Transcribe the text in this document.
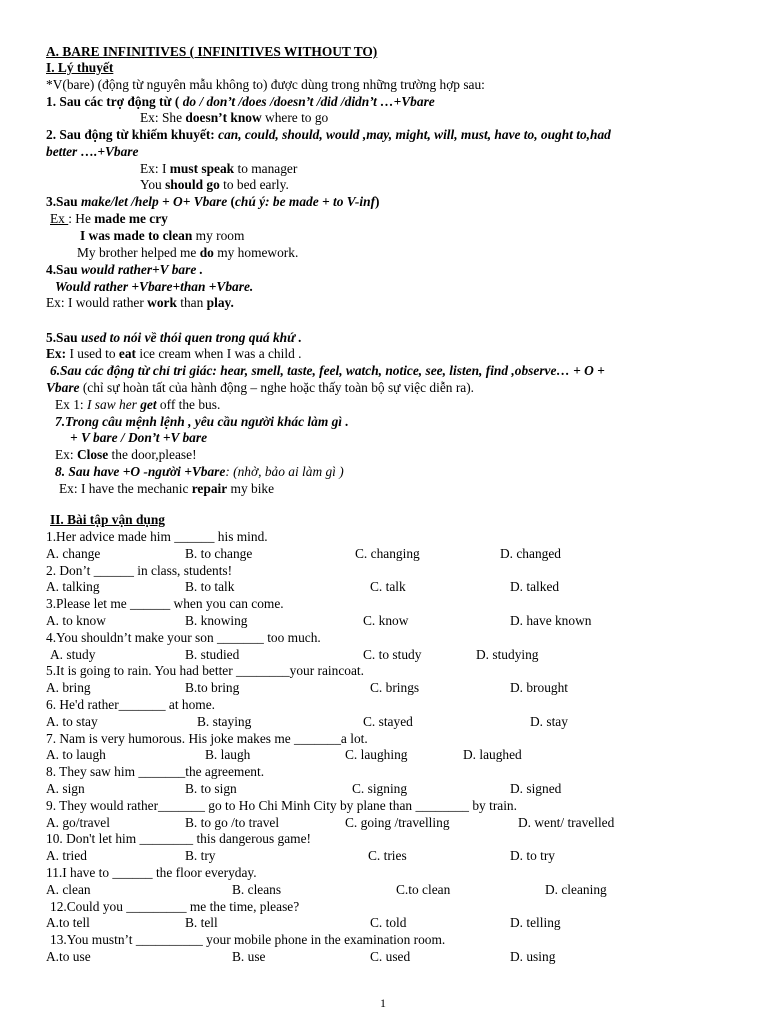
A. BARE INFINITIVES ( INFINITIVES WITHOUT TO)
I. Lý thuyết
*V(bare) (động từ nguyên mẫu không to) được dùng trong những trường hợp sau:
1. Sau các trợ động từ ( do / don’t /does /doesn’t /did /didn’t …+Vbare
Ex: She doesn’t know where to go
2. Sau động từ khiếm khuyết: can, could, should, would ,may, might, will, must, have to, ought to,had
better ….+Vbare
Ex: I must speak to manager
You should go to bed early.
3.Sau make/let /help + O+ Vbare (chú ý: be made + to V-inf)
Ex : He made me cry
I was made to clean my room
My brother helped me do my homework.
4.Sau would rather+V bare .
Would rather +Vbare+than +Vbare.
Ex: I would rather work than play.
5.Sau used to nói về thói quen trong quá khứ .
Ex: I used to eat ice cream when I was a child .
6.Sau các động từ chỉ tri giác: hear, smell, taste, feel, watch, notice, see, listen, find ,observe… + O +
Vbare (chỉ sự hoàn tất của hành động – nghe hoặc thấy toàn bộ sự việc diễn ra).
Ex 1: I saw her get off the bus.
7.Trong câu mệnh lệnh , yêu cầu người khác làm gì .
+ V bare / Don’t +V bare
Ex: Close the door,please!
8. Sau have +O -người +Vbare: (nhờ, bảo ai làm gì )
Ex: I have the mechanic repair my bike
II. Bài tập vận dụng
1.Her advice made him ______ his mind.
A. change	B. to change	C. changing	D. changed
2. Don’t ______ in class, students!
A. talking	B. to talk	C. talk	D. talked
3.Please let me ______ when you can come.
A. to know	B. knowing	C. know	D. have known
4.You shouldn’t make your son _______ too much.
A. study	B. studied	C. to study	D. studying
5.It is going to rain. You had better ________your raincoat.
A. bring	B.to bring	C. brings	D. brought
6. He'd rather_______ at home.
A. to stay	B. staying	C. stayed	D. stay
7. Nam is very humorous. His joke makes me _______a lot.
A. to laugh	B. laugh	C. laughing	D. laughed
8. They saw him _______the agreement.
A. sign	B. to sign	C. signing	D. signed
9. They would rather_______ go to Ho Chi Minh City by plane than ________ by train.
A. go/travel	B. to go /to travel	C. going /travelling	D. went/ travelled
10. Don't let him ________ this dangerous game!
A. tried	B. try	C. tries	D. to try
11.I have to ______ the floor everyday.
A. clean	B. cleans	C.to clean	D. cleaning
12.Could you _________ me the time, please?
A.to tell	B. tell	C. told	D. telling
13.You mustn’t __________ your mobile phone in the examination room.
A.to use	B. use	C. used	D. using
1
